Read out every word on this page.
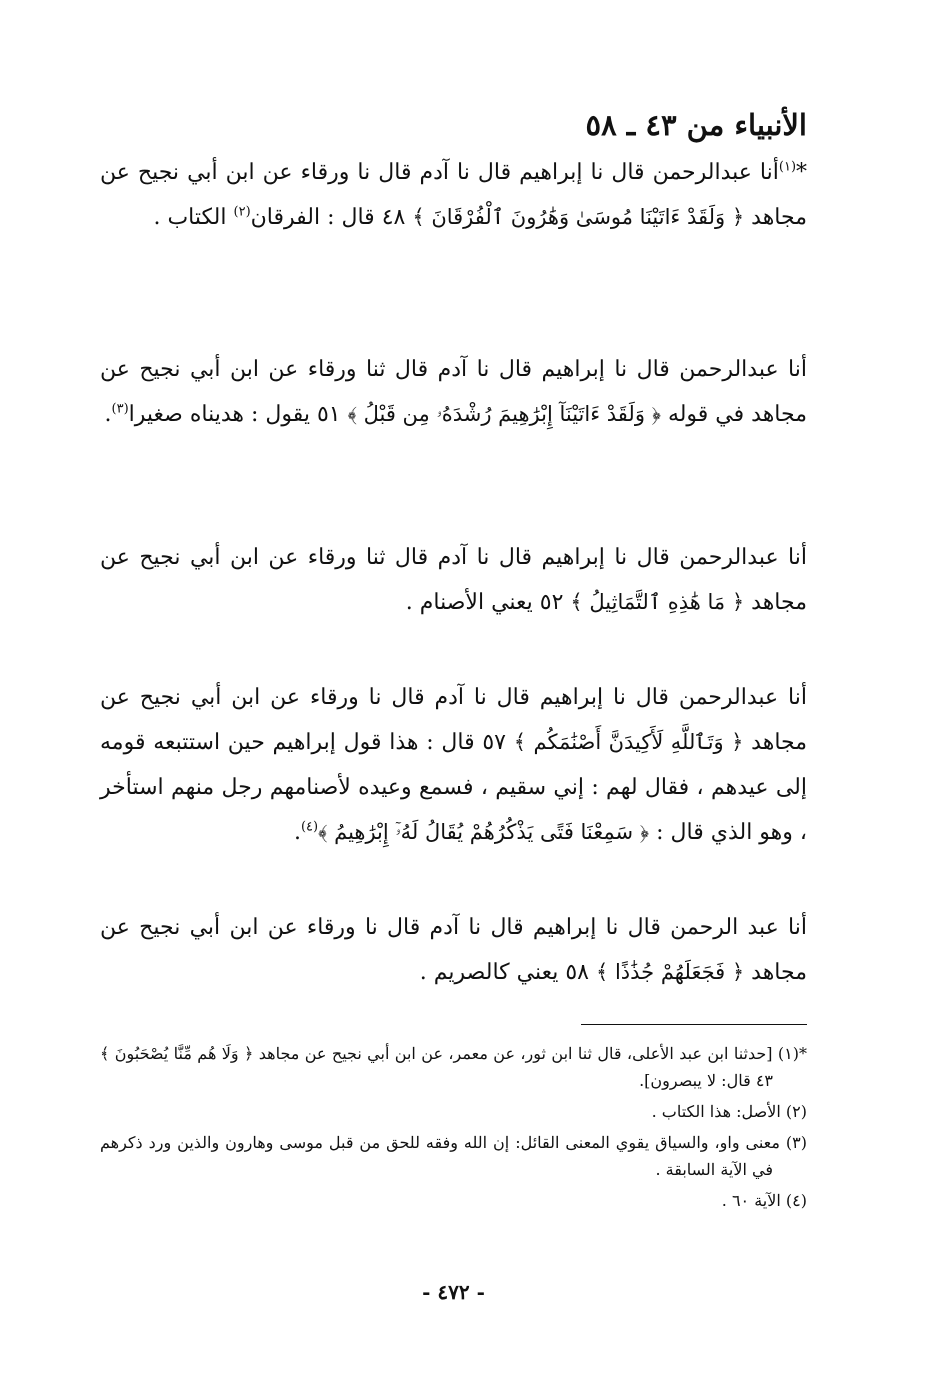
الأنبياء من ٤٣ ـ ٥٨

*$^{(١)}$أنا عبدالرحمن قال نا إبراهيم قال نا آدم قال نا ورقاء عن ابن أبي نجيح عن مجاهد ﴿ وَلَقَدْ ءَاتَيْنَا مُوسَىٰ وَهَٰرُونَ ٱلْفُرْقَانَ ﴾ ٤٨ قال : الفرقان$^{(٢)}$ الكتاب .

أنا عبدالرحمن قال نا إبراهيم قال نا آدم قال ثنا ورقاء عن ابن أبي نجيح عن مجاهد في قوله ﴿ وَلَقَدْ ءَاتَيْنَآ إِبْرَٰهِيمَ رُشْدَهُۥ مِن قَبْلُ ﴾ ٥١ يقول : هديناه صغيرا$^{(٣)}$.

أنا عبدالرحمن قال نا إبراهيم قال نا آدم قال ثنا ورقاء عن ابن أبي نجيح عن مجاهد ﴿ مَا هَٰذِهِ ٱلتَّمَاثِيلُ ﴾ ٥٢ يعني الأصنام .

أنا عبدالرحمن قال نا إبراهيم قال نا آدم قال نا ورقاء عن ابن أبي نجيح عن مجاهد ﴿ وَتَٱللَّهِ لَأَكِيدَنَّ أَصْنَٰمَكُم ﴾ ٥٧ قال : هذا قول إبراهيم حين استتبعه قومه إلى عيدهم ، فقال لهم : إني سقيم ، فسمع وعيده لأصنامهم رجل منهم استأخر ، وهو الذي قال : ﴿ سَمِعْنَا فَتًى يَذْكُرُهُمْ يُقَالُ لَهُۥٓ إِبْرَٰهِيمُ ﴾$^{(٤)}$.

أنا عبد الرحمن قال نا إبراهيم قال نا آدم قال نا ورقاء عن ابن أبي نجيح عن مجاهد ﴿ فَجَعَلَهُمْ جُذَٰذًا ﴾ ٥٨ يعني كالصريم .

*(١) [حدثنا ابن عبد الأعلى، قال ثنا ابن ثور، عن معمر، عن ابن أبي نجيح عن مجاهد ﴿ وَلَا هُم مِّنَّا يُصْحَبُونَ ﴾ ٤٣ قال: لا يبصرون].

(٢) الأصل: هذا الكتاب .

(٣) معنى واو، والسياق يقوي المعنى القائل: إن الله وفقه للحق من قبل موسى وهارون والذين ورد ذكرهم في الآية السابقة .

(٤) الآية ٦٠ .

- ٤٧٢ -
